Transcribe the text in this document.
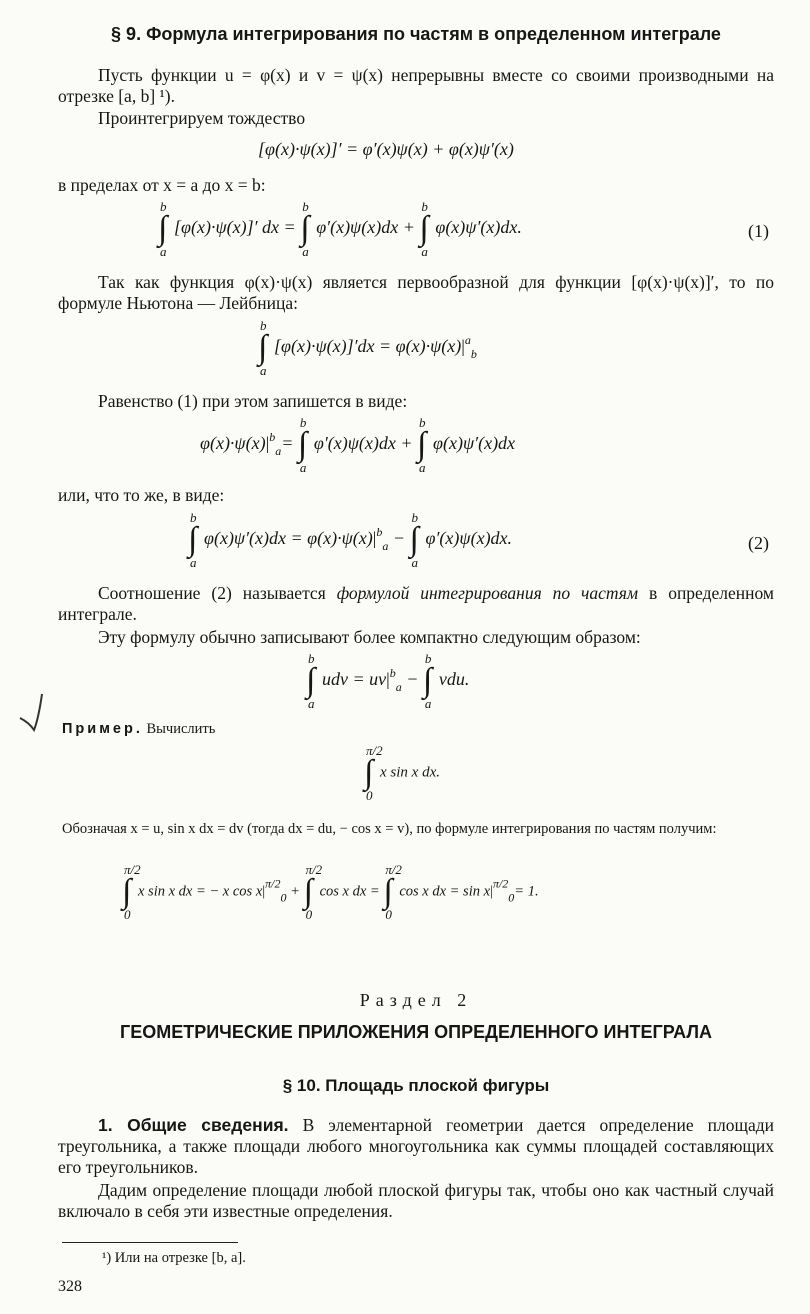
§ 9. Формула интегрирования по частям в определенном интеграле
Пусть функции u = φ(x) и v = ψ(x) непрерывны вместе со своими производными на отрезке [a, b] ¹).
Проинтегрируем тождество
[φ(x)·ψ(x)]′ = φ′(x)ψ(x) + φ(x)ψ′(x)
в пределах от x = a до x = b:
∫
b
a
[φ(x)·ψ(x)]′ dx = ∫
b
a
φ′(x)ψ(x)dx + ∫
b
a
φ(x)ψ′(x)dx.	(1)
Так как функция φ(x)·ψ(x) является первообразной для функции [φ(x)·ψ(x)]′, то по формуле Ньютона — Лейбница:
∫
b
a
$[\varphi(x)\cdot\psi(x)]'dx = \varphi(x)\cdot\psi(x)|^a_b$
Равенство (1) при этом запишется в виде:
$\varphi(x)\cdot\psi(x)|^b_a=$ ∫
b
a
φ′(x)ψ(x)dx + ∫
b
a
φ(x)ψ′(x)dx
или, что то же, в виде:
∫
b
a
$\varphi(x)\psi'(x)dx = \varphi(x)\cdot\psi(x)|^b_a$ − ∫
b
a
φ′(x)ψ(x)dx.	(2)
Соотношение (2) называется формулой интегрирования по частям в определенном интеграле.
Эту формулу обычно записывают более компактно следующим образом:
∫
b
a
udv = $uv|^b_a$ − ∫
b
a
vdu.
Пример. Вычислить
∫
π/2
0
x sin x dx.
Обозначая x = u, sin x dx = dv (тогда dx = du, − cos x = v), по формуле интегрирования по частям получим:
∫
π/2
0
x sin x dx = − x $\cos x|^{\pi/2}_0$ + ∫
π/2
0
cos x dx = ∫
π/2
0
cos x dx = $\sin x|^{\pi/2}_0= 1$.
Раздел 2
ГЕОМЕТРИЧЕСКИЕ ПРИЛОЖЕНИЯ ОПРЕДЕЛЕННОГО ИНТЕГРАЛА
§ 10. Площадь плоской фигуры
1. Общие сведения. В элементарной геометрии дается определение площади треугольника, а также площади любого многоугольника как суммы площадей составляющих его треугольников.
Дадим определение площади любой плоской фигуры так, чтобы оно как частный случай включало в себя эти известные определения.
¹) Или на отрезке [b, a].
328
